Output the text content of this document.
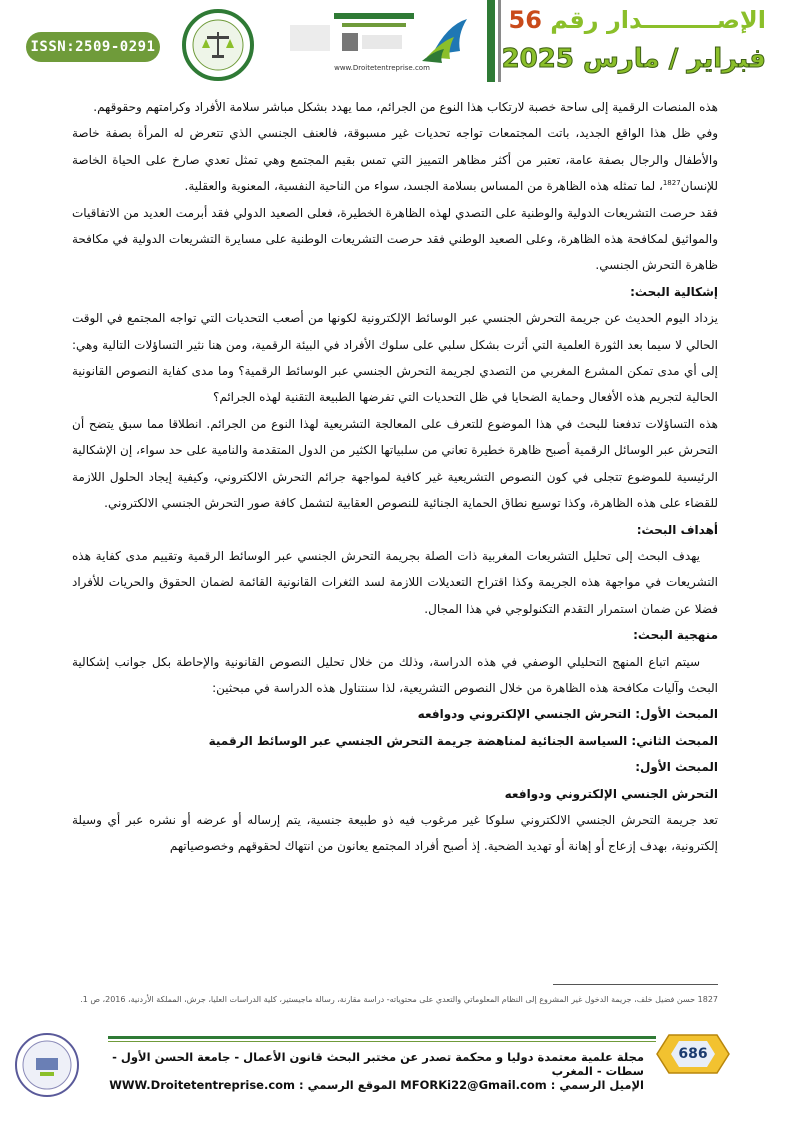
ISSN:2509-0291
www.Droitetentreprise.com
الإصـــــــــدار رقم 56
فبراير / مارس 2025

هذه المنصات الرقمية إلى ساحة خصبة لارتكاب هذا النوع من الجرائم، مما يهدد بشكل مباشر سلامة الأفراد وكرامتهم وحقوقهم.

وفي ظل هذا الواقع الجديد، باتت المجتمعات تواجه تحديات غير مسبوقة، فالعنف الجنسي الذي تتعرض له المرأة بصفة خاصة والأطفال والرجال بصفة عامة، تعتبر من أكثر مظاهر التمييز التي تمس بقيم المجتمع وهي تمثل تعدي صارخ على الحياة الخاصة للإنسان$^{1827}$، لما تمثله هذه الظاهرة من المساس بسلامة الجسد، سواء من الناحية النفسية، المعنوية والعقلية.

فقد حرصت التشريعات الدولية والوطنية على التصدي لهذه الظاهرة الخطيرة، فعلى الصعيد الدولي فقد أبرمت العديد من الاتفاقيات والمواثيق لمكافحة هذه الظاهرة، وعلى الصعيد الوطني فقد حرصت التشريعات الوطنية على مسايرة التشريعات الدولية في مكافحة ظاهرة التحرش الجنسي.

إشكالية البحث:

يزداد اليوم الحديث عن جريمة التحرش الجنسي عبر الوسائط الإلكترونية لكونها من أصعب التحديات التي تواجه المجتمع في الوقت الحالي لا سيما بعد الثورة العلمية التي أثرت بشكل سلبي على سلوك الأفراد في البيئة الرقمية، ومن هنا نثير التساؤلات التالية وهي: إلى أي مدى تمكن المشرع المغربي من التصدي لجريمة التحرش الجنسي عبر الوسائط الرقمية؟ وما مدى كفاية النصوص القانونية الحالية لتجريم هذه الأفعال وحماية الضحايا في ظل التحديات التي تفرضها الطبيعة التقنية لهذه الجرائم؟

هذه التساؤلات تدفعنا للبحث في هذا الموضوع للتعرف على المعالجة التشريعية لهذا النوع من الجرائم. انطلاقا مما سبق يتضح أن التحرش عبر الوسائل الرقمية أصبح ظاهرة خطيرة تعاني من سلبياتها الكثير من الدول المتقدمة والنامية على حد سواء، إن الإشكالية الرئيسية للموضوع تتجلى في كون النصوص التشريعية غير كافية لمواجهة جرائم التحرش الالكتروني، وكيفية إيجاد الحلول اللازمة للقضاء على هذه الظاهرة، وكذا توسيع نطاق الحماية الجنائية للنصوص العقابية لتشمل كافة صور التحرش الجنسي الالكتروني.

أهداف البحث:

يهدف البحث إلى تحليل التشريعات المغربية ذات الصلة بجريمة التحرش الجنسي عبر الوسائط الرقمية وتقييم مدى كفاية هذه التشريعات في مواجهة هذه الجريمة وكذا اقتراح التعديلات اللازمة لسد الثغرات القانونية القائمة لضمان الحقوق والحريات للأفراد فضلا عن ضمان استمرار التقدم التكنولوجي في هذا المجال.

منهجية البحث:

سيتم اتباع المنهج التحليلي الوصفي في هذه الدراسة، وذلك من خلال تحليل النصوص القانونية والإحاطة بكل جوانب إشكالية البحث وآليات مكافحة هذه الظاهرة من خلال النصوص التشريعية، لذا سنتناول هذه الدراسة في مبحثين:

المبحث الأول: التحرش الجنسي الإلكتروني ودوافعه

المبحث الثاني: السياسة الجنائية لمناهضة جريمة التحرش الجنسي عبر الوسائط الرقمية

المبحث الأول:

التحرش الجنسي الإلكتروني ودوافعه

تعد جريمة التحرش الجنسي الالكتروني سلوكا غير مرغوب فيه ذو طبيعة جنسية، يتم إرساله أو عرضه أو نشره عبر أي وسيلة إلكترونية، بهدف إزعاج أو إهانة أو تهديد الضحية. إذ أصبح أفراد المجتمع يعانون من انتهاك لحقوقهم وخصوصياتهم

1827 حسن فضيل خلف، جريمة الدخول غير المشروع إلى النظام المعلوماتي والتعدي على محتوياته- دراسة مقارنة، رسالة ماجيستير، كلية الدراسات العليا، جرش، المملكة الأردنية، 2016، ص 1.
686
مجلة علمية معتمدة دوليا و محكمة تصدر عن مختبر البحث قانون الأعمال - جامعة الحسن الأول - سطات - المغرب
الإميل الرسمي : MFORKi22@Gmail.com الموقع الرسمي : WWW.Droitetentreprise.com
